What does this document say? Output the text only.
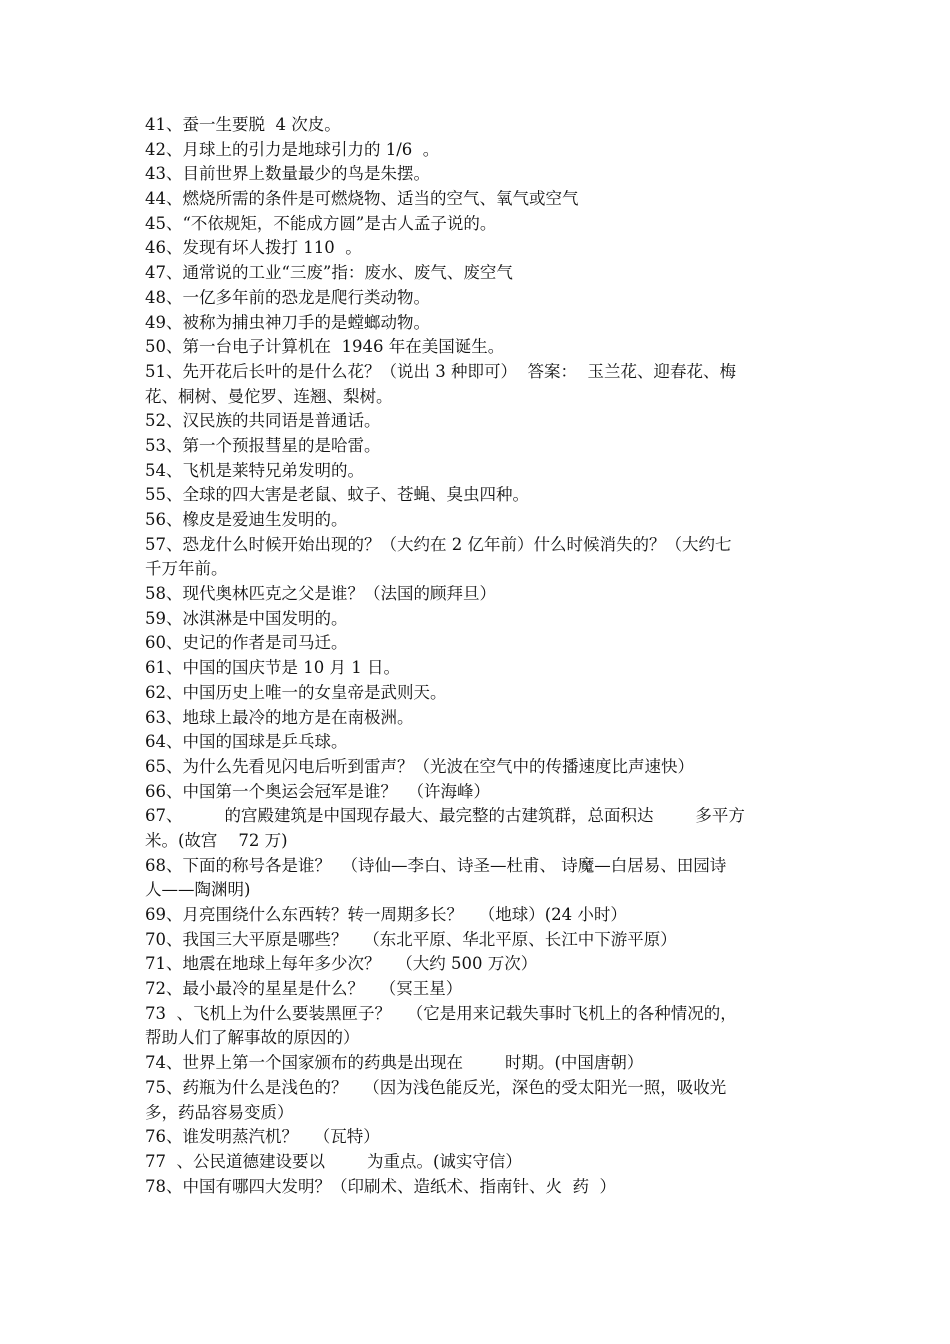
41、蚕一生要脱  4 次皮。
42、月球上的引力是地球引力的 1/6  。
43、目前世界上数量最少的鸟是朱摆。
44、燃烧所需的条件是可燃烧物、适当的空气、氧气或空气
45、“不依规矩，不能成方圆”是古人孟子说的。
46、发现有坏人拨打 110  。
47、通常说的工业“三废”指：废水、废气、废空气
48、一亿多年前的恐龙是爬行类动物。
49、被称为捕虫神刀手的是螳螂动物。
50、第一台电子计算机在  1946 年在美国诞生。
51、先开花后长叶的是什么花？（说出 3 种即可）  答案：  玉兰花、迎春花、梅
花、桐树、曼佗罗、连翘、梨树。
52、汉民族的共同语是普通话。
53、第一个预报彗星的是哈雷。
54、飞机是莱特兄弟发明的。
55、全球的四大害是老鼠、蚊子、苍蝇、臭虫四种。
56、橡皮是爱迪生发明的。
57、恐龙什么时候开始出现的？（大约在 2 亿年前）什么时候消失的？（大约七
千万年前。
58、现代奥林匹克之父是谁？（法国的顾拜旦）
59、冰淇淋是中国发明的。
60、史记的作者是司马迁。
61、中国的国庆节是 10 月 1 日。
62、中国历史上唯一的女皇帝是武则天。
63、地球上最冷的地方是在南极洲。
64、中国的国球是乒乓球。
65、为什么先看见闪电后听到雷声？（光波在空气中的传播速度比声速快）
66、中国第一个奥运会冠军是谁？  （许海峰）
67、        的宫殿建筑是中国现存最大、最完整的古建筑群，总面积达        多平方
米。(故宫    72 万)
68、下面的称号各是谁？  （诗仙—李白、诗圣—杜甫、 诗魔—白居易、田园诗
人——陶渊明)
69、月亮围绕什么东西转？转一周期多长？   （地球）(24 小时）
70、我国三大平原是哪些？   （东北平原、华北平原、长江中下游平原）
71、地震在地球上每年多少次？   （大约 500 万次）
72、最小最冷的星星是什么？   （冥王星）
73  、飞机上为什么要装黑匣子？   （它是用来记载失事时飞机上的各种情况的，
帮助人们了解事故的原因的）
74、世界上第一个国家颁布的药典是出现在        时期。(中国唐朝）
75、药瓶为什么是浅色的？   （因为浅色能反光，深色的受太阳光一照，吸收光
多，药品容易变质）
76、谁发明蒸汽机？   （瓦特）
77  、公民道德建设要以        为重点。(诚实守信）
78、中国有哪四大发明？（印刷术、造纸术、指南针、火  药  ）
